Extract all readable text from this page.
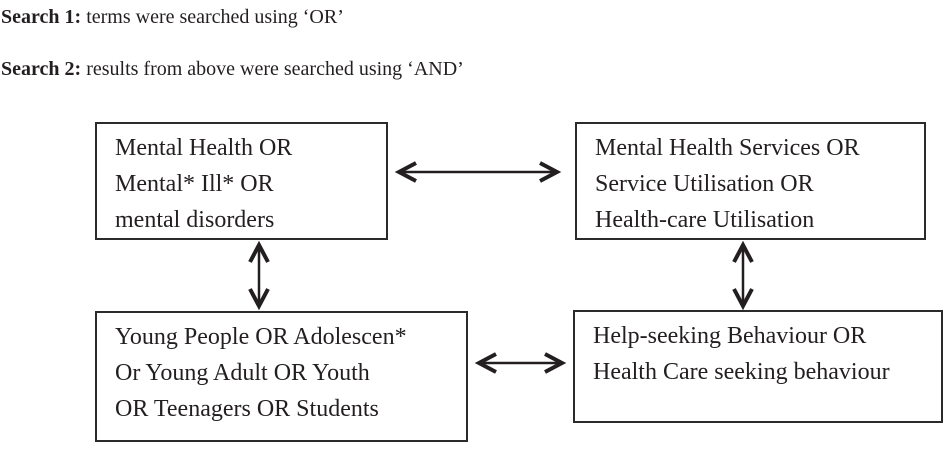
Search 1: terms were searched using ‘OR’

Search 2: results from above were searched using ‘AND’

Mental Health OR
Mental* Ill* OR
mental disorders
Mental Health Services OR
Service Utilisation OR
Health-care Utilisation
Young People OR Adolescen*
Or Young Adult OR Youth
OR Teenagers OR Students
Help-seeking Behaviour OR
Health Care seeking behaviour
